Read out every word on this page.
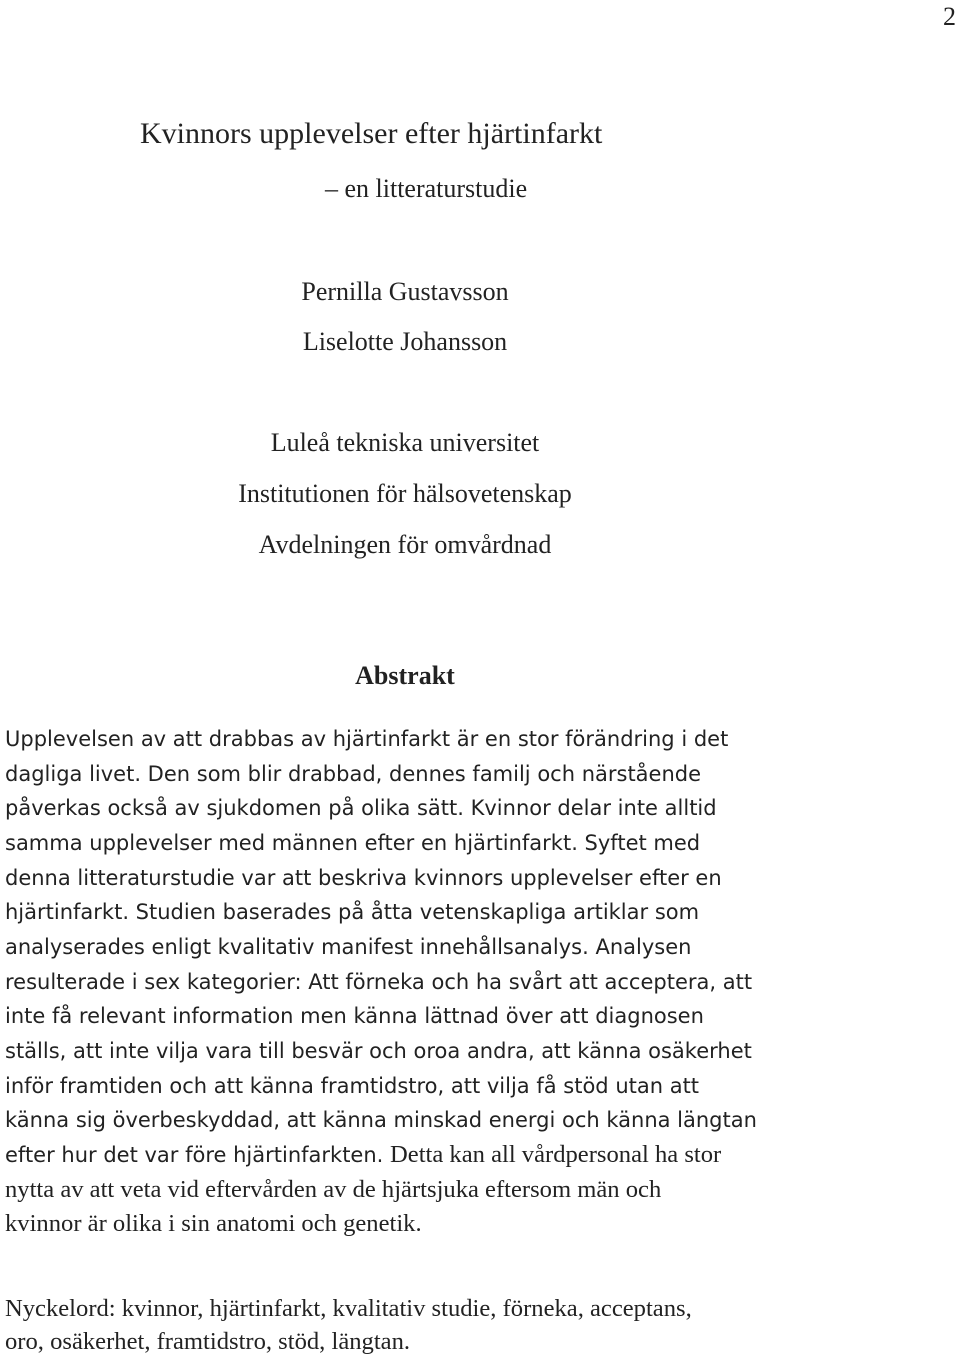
2
Kvinnors upplevelser efter hjärtinfarkt
– en litteraturstudie
Pernilla Gustavsson
Liselotte Johansson
Luleå tekniska universitet
Institutionen för hälsovetenskap
Avdelningen för omvårdnad
Abstrakt
Upplevelsen av att drabbas av hjärtinfarkt är en stor förändring i det
dagliga livet. Den som blir drabbad, dennes familj och närstående
påverkas också av sjukdomen på olika sätt. Kvinnor delar inte alltid
samma upplevelser med männen efter en hjärtinfarkt. Syftet med
denna litteraturstudie var att beskriva kvinnors upplevelser efter en
hjärtinfarkt. Studien baserades på åtta vetenskapliga artiklar som
analyserades enligt kvalitativ manifest innehållsanalys. Analysen
resulterade i sex kategorier: Att förneka och ha svårt att acceptera, att
inte få relevant information men känna lättnad över att diagnosen
ställs, att inte vilja vara till besvär och oroa andra, att känna osäkerhet
inför framtiden och att känna framtidstro, att vilja få stöd utan att
känna sig överbeskyddad, att känna minskad energi och känna längtan
efter hur det var före hjärtinfarkten. Detta kan all vårdpersonal ha stor
nytta av att veta vid eftervården av de hjärtsjuka eftersom män och
kvinnor är olika i sin anatomi och genetik.
Nyckelord: kvinnor, hjärtinfarkt, kvalitativ studie, förneka, acceptans,
oro, osäkerhet, framtidstro, stöd, längtan.
